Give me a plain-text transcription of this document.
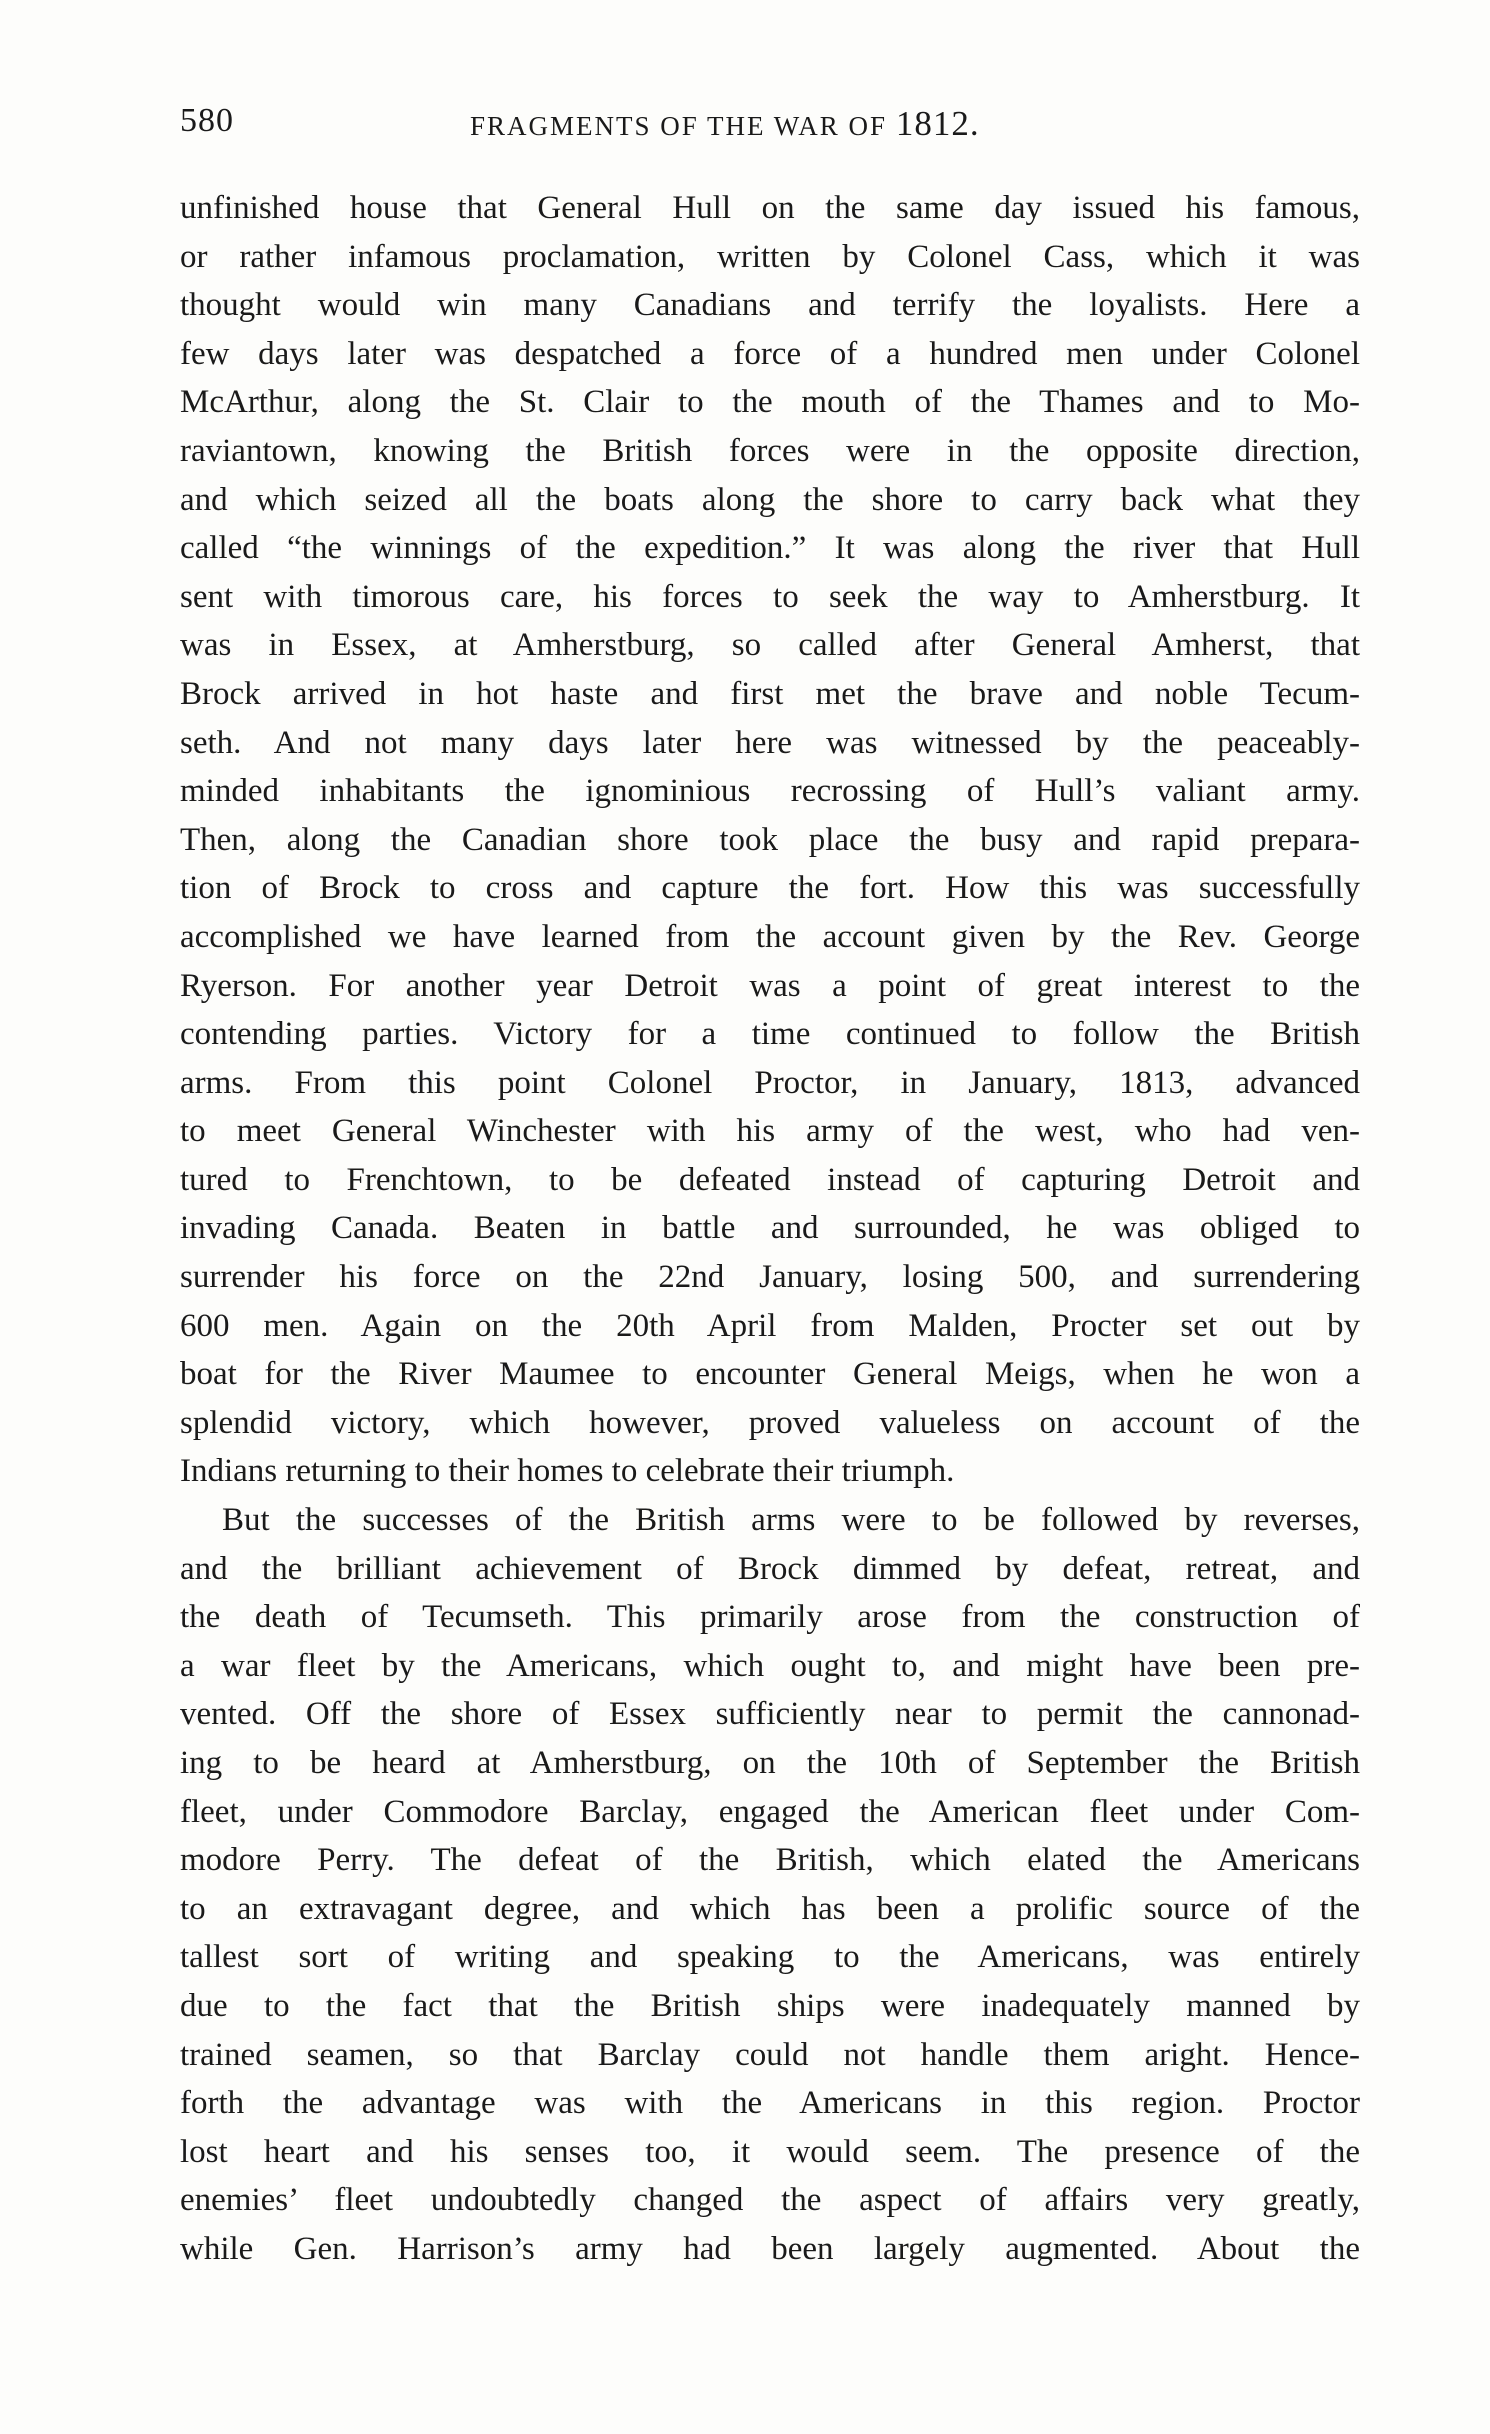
580	FRAGMENTS OF THE WAR OF 1812.
unfinished house that General Hull on the same day issued his famous,
or rather infamous proclamation, written by Colonel Cass, which it was
thought would win many Canadians and terrify the loyalists. Here a
few days later was despatched a force of a hundred men under Colonel
McArthur, along the St. Clair to the mouth of the Thames and to Mo-
raviantown, knowing the British forces were in the opposite direction,
and which seized all the boats along the shore to carry back what they
called “the winnings of the expedition.” It was along the river that Hull
sent with timorous care, his forces to seek the way to Amherstburg. It
was in Essex, at Amherstburg, so called after General Amherst, that
Brock arrived in hot haste and first met the brave and noble Tecum-
seth. And not many days later here was witnessed by the peaceably-
minded inhabitants the ignominious recrossing of Hull’s valiant army.
Then, along the Canadian shore took place the busy and rapid prepara-
tion of Brock to cross and capture the fort. How this was successfully
accomplished we have learned from the account given by the Rev. George
Ryerson. For another year Detroit was a point of great interest to the
contending parties. Victory for a time continued to follow the British
arms. From this point Colonel Proctor, in January, 1813, advanced
to meet General Winchester with his army of the west, who had ven-
tured to Frenchtown, to be defeated instead of capturing Detroit and
invading Canada. Beaten in battle and surrounded, he was obliged to
surrender his force on the 22nd January, losing 500, and surrendering
600 men. Again on the 20th April from Malden, Procter set out by
boat for the River Maumee to encounter General Meigs, when he won a
splendid victory, which however, proved valueless on account of the
Indians returning to their homes to celebrate their triumph.
But the successes of the British arms were to be followed by reverses,
and the brilliant achievement of Brock dimmed by defeat, retreat, and
the death of Tecumseth. This primarily arose from the construction of
a war fleet by the Americans, which ought to, and might have been pre-
vented. Off the shore of Essex sufficiently near to permit the cannonad-
ing to be heard at Amherstburg, on the 10th of September the British
fleet, under Commodore Barclay, engaged the American fleet under Com-
modore Perry. The defeat of the British, which elated the Americans
to an extravagant degree, and which has been a prolific source of the
tallest sort of writing and speaking to the Americans, was entirely
due to the fact that the British ships were inadequately manned by
trained seamen, so that Barclay could not handle them aright. Hence-
forth the advantage was with the Americans in this region. Proctor
lost heart and his senses too, it would seem. The presence of the
enemies’ fleet undoubtedly changed the aspect of affairs very greatly,
while Gen. Harrison’s army had been largely augmented. About the
